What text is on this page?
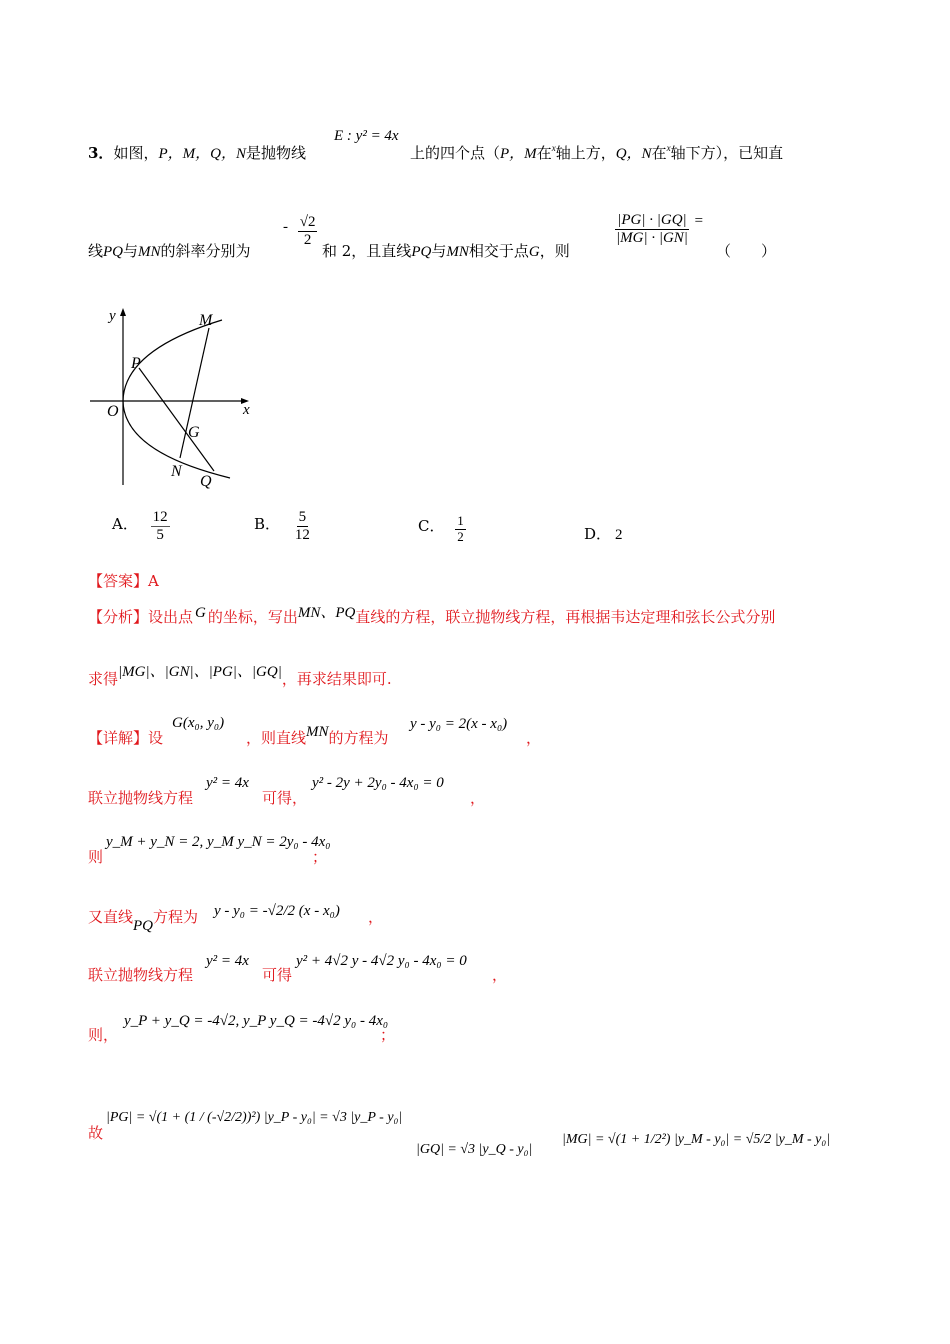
3．如图，P，M，Q，N是抛物线
E : y² = 4x
上的四个点（P，M在$^x$轴上方，Q，N在$^x$轴下方），已知直
线PQ与MN的斜率分别为
- $\frac{√2}{2}$
和 2，且直线PQ与MN相交于点G，则
$\frac{|PG| \cdot |GQ|}{|MG| \cdot |GN|}$ =
（　　）
y
x
O
P
M
G
N
Q
A． $\frac{12}{5}$	B． $\frac{5}{12}$	C． $\frac{1}{2}$	D． 2
【答案】A
【分析】设出点 G 的坐标，写出MN、PQ直线的方程，联立抛物线方程，再根据韦达定理和弦长公式分别
求得|MG|、|GN|、|PG|、|GQ|，再求结果即可.
【详解】设
G(x₀, y₀)
，则直线MN的方程为
y - y₀ = 2(x - x₀)
，
联立抛物线方程
y² = 4x
可得，
y² - 2y + 2y₀ - 4x₀ = 0
，
则
y_M + y_N = 2, y_M y_N = 2y₀ - 4x₀
；
又直线PQ方程为 y - y₀ = -√2/2 (x - x₀) ，
联立抛物线方程
y² = 4x
可得
y² + 4√2 y - 4√2 y₀ - 4x₀ = 0
，
则，
y_P + y_Q = -4√2, y_P y_Q = -4√2 y₀ - 4x₀
；
故
|PG| = √(1 + (1 / (-√2/2))²) |y_P - y₀| = √3 |y_P - y₀|
|GQ| = √3 |y_Q - y₀|
|MG| = √(1 + 1/2²) |y_M - y₀| = √5/2 |y_M - y₀|
